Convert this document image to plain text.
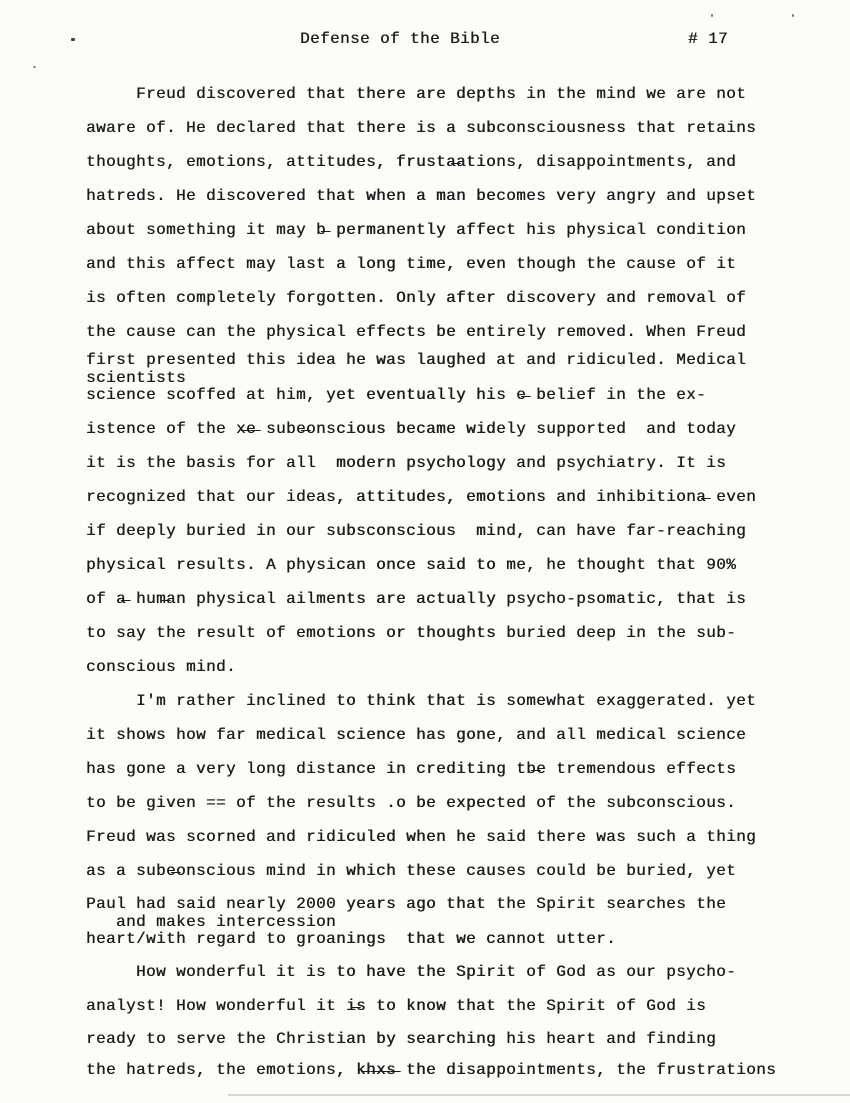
Defense of the Bible	# 17
Freud discovered that there are depths in the mind we are not
aware of. He declared that there is a subconsciousness that retains
thoughts, emotions, attitudes, frusta̶ations, disappointments, and
hatreds. He discovered that when a man becomes very angry and upset
about something it may b̶ permanently affect his physical condition
and this affect may last a long time, even though the cause of it
is often completely forgotten. Only after discovery and removal of
the cause can the physical effects be entirely removed. When Freud
first presented this idea he was laughed at and ridiculed. Medical
scientists
science scoffed at him, yet eventually his e̶ belief in the ex-
istence of the x̶e̶ sube̶onscious became widely supported  and today
it is the basis for all  modern psychology and psychiatry. It is
recognized that our ideas, attitudes, emotions and inhibitiona̶ even
if deeply buried in our subsconscious  mind, can have far-reaching
physical results. A physican once said to me, he thought that 90%
of a̶ hum̶an physical ailments are actually psycho-psomatic, that is
to say the result of emotions or thoughts buried deep in the sub-
conscious mind.
I'm rather inclined to think that is somewhat exaggerated. yet
it shows how far medical science has gone, and all medical science
has gone a very long distance in crediting tb̶e tremendous effects
to be given == of the results .o be expected of the subconscious.
Freud was scorned and ridiculed when he said there was such a thing
as a sube̶onscious mind in which these causes could be buried, yet
Paul had said nearly 2000 years ago that the Spirit searches the
and makes intercession
heart/with regard to groanings  that we cannot utter.
How wonderful it is to have the Spirit of God as our psycho-
analyst! How wonderful it i̶s to know that the Spirit of God is
ready to serve the Christian by searching his heart and finding
the hatreds, the emotions, k̶h̶x̶s̶ the disappointments, the frustrations
